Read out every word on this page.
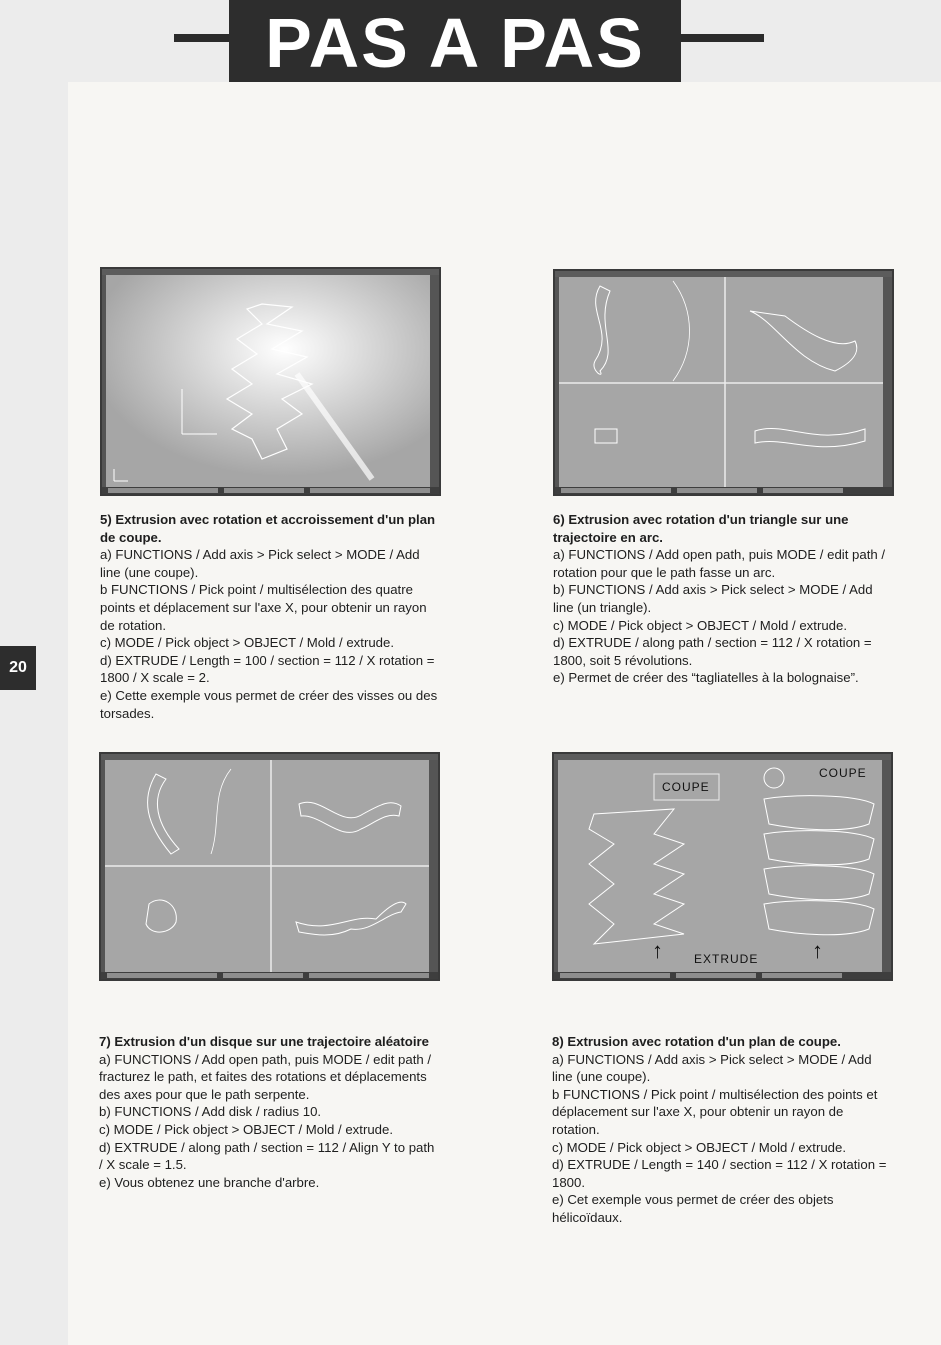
PAS A PAS
20
5) Extrusion avec rotation et accroissement d'un plan de coupe.
a) FUNCTIONS / Add axis > Pick select > MODE / Add line (une coupe).
b FUNCTIONS / Pick point / multisélection des quatre points et déplacement sur l'axe X, pour obtenir un rayon de rotation.
c) MODE / Pick object > OBJECT / Mold / extrude.
d) EXTRUDE / Length = 100 / section = 112 / X rotation = 1800 / X scale = 2.
e) Cette exemple vous permet de créer des visses ou des torsades.
6) Extrusion avec rotation d'un triangle sur une trajectoire en arc.
a) FUNCTIONS / Add open path, puis MODE / edit path / rotation pour que le path fasse un arc.
b) FUNCTIONS / Add axis > Pick select > MODE / Add line (un triangle).
c) MODE / Pick object > OBJECT / Mold / extrude.
d) EXTRUDE / along path / section = 112 / X rotation = 1800, soit 5 révolutions.
e) Permet de créer des “tagliatelles à la bolognaise”.
COUPE
COUPE
↑	EXTRUDE ↑
7) Extrusion d'un disque sur une trajectoire aléatoire
a) FUNCTIONS / Add open path, puis MODE / edit path / fracturez le path, et faites des rotations et déplacements des axes pour que le path serpente.
b) FUNCTIONS / Add disk / radius 10.
c) MODE / Pick object > OBJECT / Mold / extrude.
d) EXTRUDE / along path / section = 112 / Align Y to path / X scale = 1.5.
e) Vous obtenez une branche d'arbre.
8) Extrusion avec rotation d'un plan de coupe.
a) FUNCTIONS / Add axis > Pick select > MODE / Add line (une coupe).
b FUNCTIONS / Pick point / multisélection des points et déplacement sur l'axe X, pour obtenir un rayon de rotation.
c) MODE / Pick object > OBJECT / Mold / extrude.
d) EXTRUDE / Length = 140 / section = 112 / X rotation = 1800.
e) Cet exemple vous permet de créer des objets hélicoïdaux.
